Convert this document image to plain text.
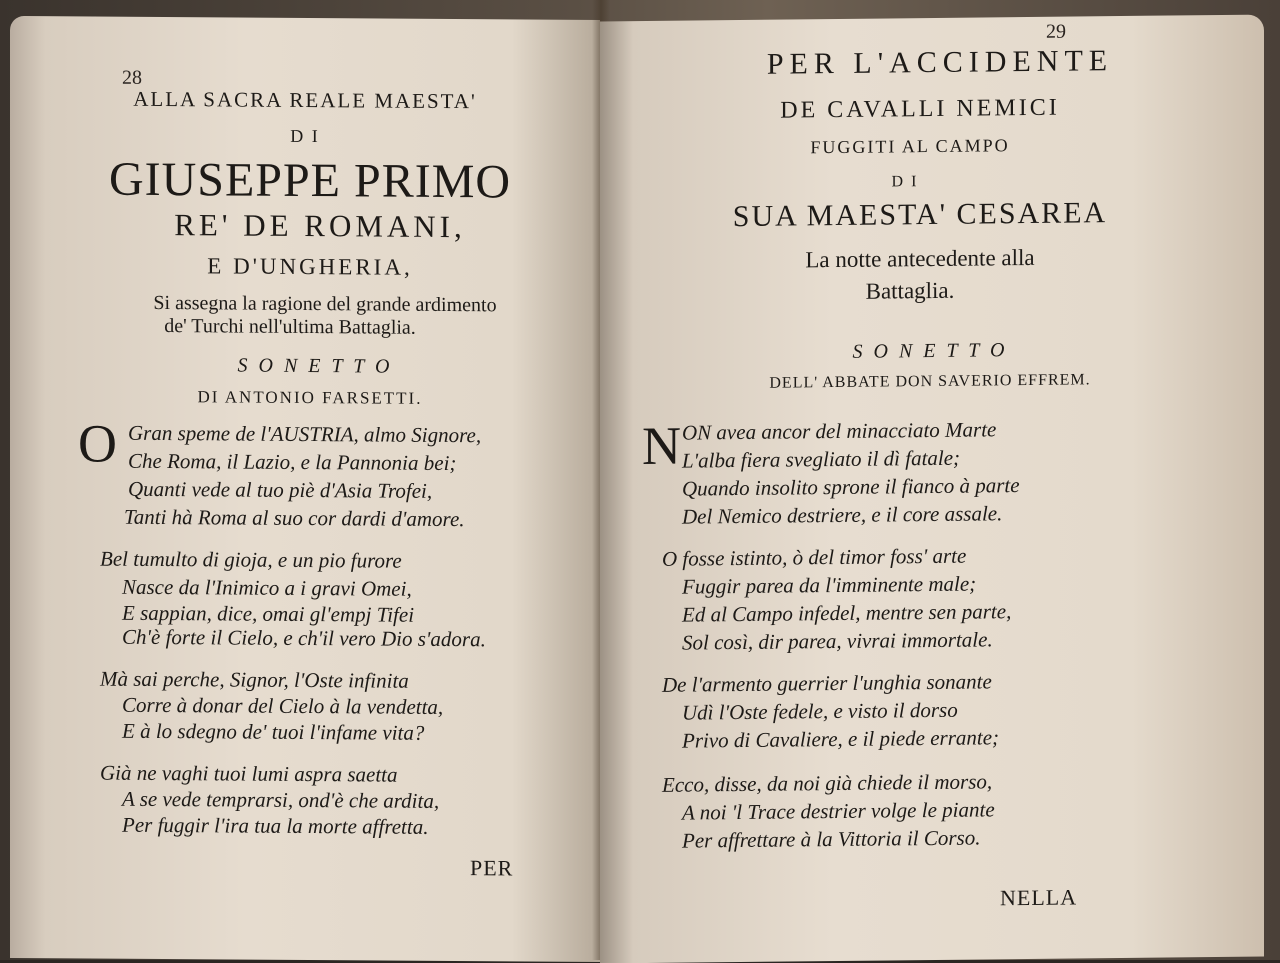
28
ALLA SACRA REALE MAESTA'
D I
GIUSEPPE PRIMO
RE' DE ROMANI,
E D'UNGHERIA,
Si assegna la ragione del grande ardimento
de' Turchi nell'ultima Battaglia.
S O N E T T O
DI ANTONIO FARSETTI.
O Gran speme de l'AUSTRIA, almo Signore,
Che Roma, il Lazio, e la Pannonia bei;
Quanti vede al tuo piè d'Asia Trofei,
Tanti hà Roma al suo cor dardi d'amore.
Bel tumulto di gioja, e un pio furore
Nasce da l'Inimico a i gravi Omei,
E sappian, dice, omai gl'empj Tifei
Ch'è forte il Cielo, e ch'il vero Dio s'adora.
Mà sai perche, Signor, l'Oste infinita
Corre à donar del Cielo à la vendetta,
E à lo sdegno de' tuoi l'infame vita?
Già ne vaghi tuoi lumi aspra saetta
A se vede temprarsi, ond'è che ardita,
Per fuggir l'ira tua la morte affretta.
PER
29
PER L'ACCIDENTE
DE CAVALLI NEMICI
FUGGITI AL CAMPO
D I
SUA MAESTA' CESAREA
La notte antecedente alla
Battaglia.
S O N E T T O
DELL' ABBATE DON SAVERIO EFFREM.
N ON avea ancor del minacciato Marte
L'alba fiera svegliato il dì fatale;
Quando insolito sprone il fianco à parte
Del Nemico destriere, e il core assale.
O fosse istinto, ò del timor foss' arte
Fuggir parea da l'imminente male;
Ed al Campo infedel, mentre sen parte,
Sol così, dir parea, vivrai immortale.
De l'armento guerrier l'unghia sonante
Udì l'Oste fedele, e visto il dorso
Privo di Cavaliere, e il piede errante;
Ecco, disse, da noi già chiede il morso,
A noi 'l Trace destrier volge le piante
Per affrettare à la Vittoria il Corso.
NELLA
